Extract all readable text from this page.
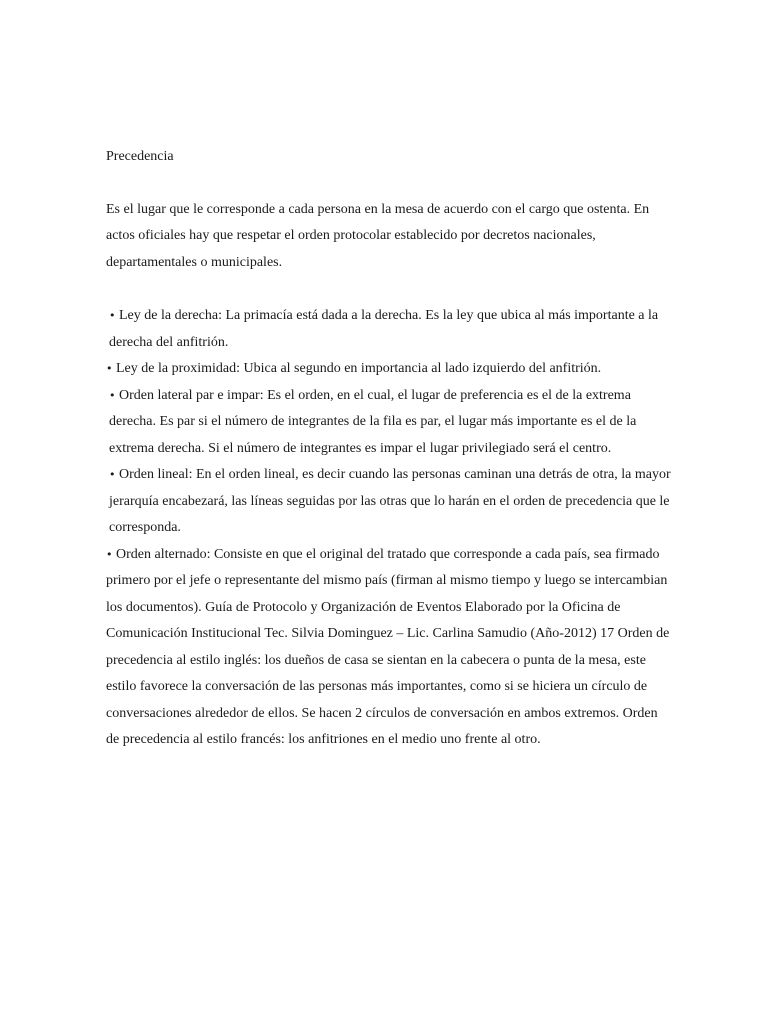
Precedencia

Es el lugar que le corresponde a cada persona en la mesa de acuerdo con el cargo que ostenta. En actos oficiales hay que respetar el orden protocolar establecido por decretos nacionales, departamentales o municipales.

• Ley de la derecha: La primacía está dada a la derecha. Es la ley que ubica al más importante a la derecha del anfitrión.

• Ley de la proximidad: Ubica al segundo en importancia al lado izquierdo del anfitrión.

• Orden lateral par e impar: Es el orden, en el cual, el lugar de preferencia es el de la extrema derecha. Es par si el número de integrantes de la fila es par, el lugar más importante es el de la extrema derecha. Si el número de integrantes es impar el lugar privilegiado será el centro.

• Orden lineal: En el orden lineal, es decir cuando las personas caminan una detrás de otra, la mayor jerarquía encabezará, las líneas seguidas por las otras que lo harán en el orden de precedencia que le corresponda.

• Orden alternado: Consiste en que el original del tratado que corresponde a cada país, sea firmado primero por el jefe o representante del mismo país (firman al mismo tiempo y luego se intercambian los documentos). Guía de Protocolo y Organización de Eventos Elaborado por la Oficina de Comunicación Institucional Tec. Silvia Dominguez – Lic. Carlina Samudio (Año-2012) 17 Orden de precedencia al estilo inglés: los dueños de casa se sientan en la cabecera o punta de la mesa, este estilo favorece la conversación de las personas más importantes, como si se hiciera un círculo de conversaciones alrededor de ellos. Se hacen 2 círculos de conversación en ambos extremos. Orden de precedencia al estilo francés: los anfitriones en el medio uno frente al otro.
